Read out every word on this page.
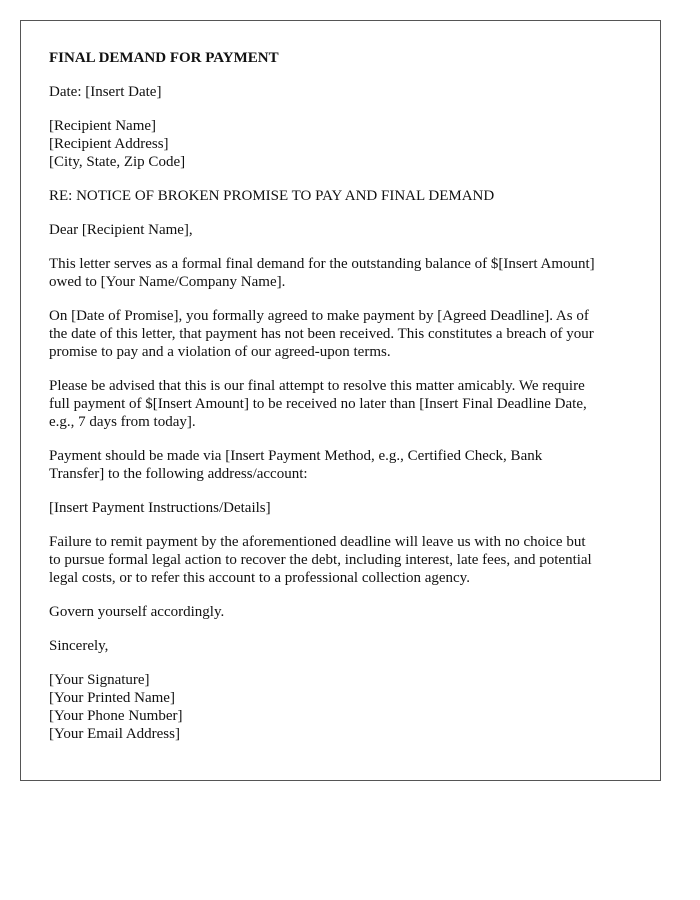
FINAL DEMAND FOR PAYMENT

Date: [Insert Date]

[Recipient Name]
[Recipient Address]
[City, State, Zip Code]

RE: NOTICE OF BROKEN PROMISE TO PAY AND FINAL DEMAND

Dear [Recipient Name],

This letter serves as a formal final demand for the outstanding balance of $[Insert Amount]
owed to [Your Name/Company Name].

On [Date of Promise], you formally agreed to make payment by [Agreed Deadline]. As of
the date of this letter, that payment has not been received. This constitutes a breach of your
promise to pay and a violation of our agreed-upon terms.

Please be advised that this is our final attempt to resolve this matter amicably. We require
full payment of $[Insert Amount] to be received no later than [Insert Final Deadline Date,
e.g., 7 days from today].

Payment should be made via [Insert Payment Method, e.g., Certified Check, Bank
Transfer] to the following address/account:

[Insert Payment Instructions/Details]

Failure to remit payment by the aforementioned deadline will leave us with no choice but
to pursue formal legal action to recover the debt, including interest, late fees, and potential
legal costs, or to refer this account to a professional collection agency.

Govern yourself accordingly.

Sincerely,

[Your Signature]
[Your Printed Name]
[Your Phone Number]
[Your Email Address]
